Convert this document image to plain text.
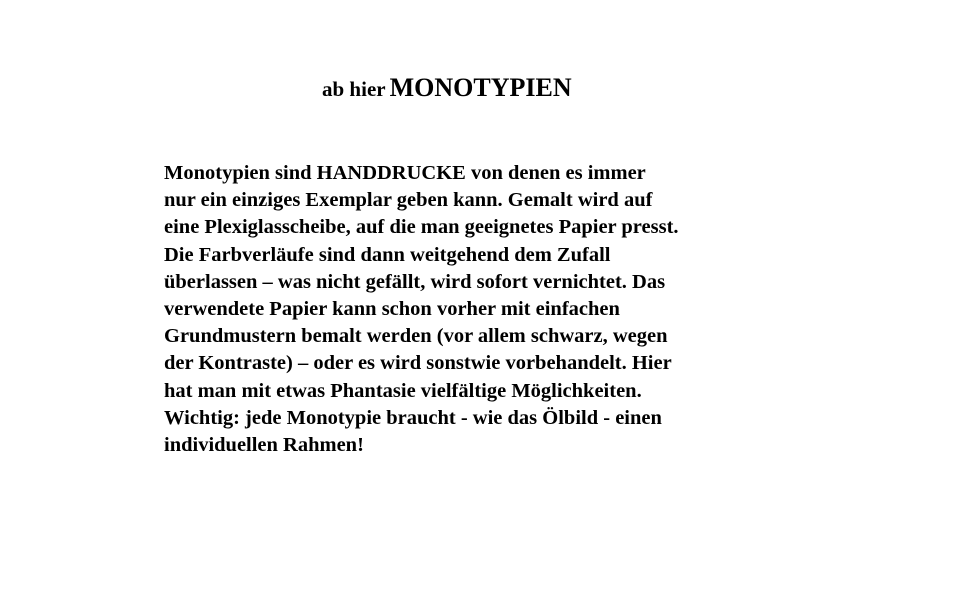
ab hier MONOTYPIEN
Monotypien sind HANDDRUCKE von denen es immer
nur ein einziges Exemplar geben kann. Gemalt wird auf
eine Plexiglasscheibe, auf die man geeignetes Papier presst.
Die Farbverläufe sind dann weitgehend dem Zufall
überlassen – was nicht gefällt, wird sofort vernichtet. Das
verwendete Papier kann schon vorher mit einfachen
Grundmustern bemalt werden (vor allem schwarz, wegen
der Kontraste) – oder es wird sonstwie vorbehandelt. Hier
hat man mit etwas Phantasie vielfältige Möglichkeiten.
Wichtig: jede Monotypie braucht - wie das Ölbild - einen
individuellen Rahmen!
